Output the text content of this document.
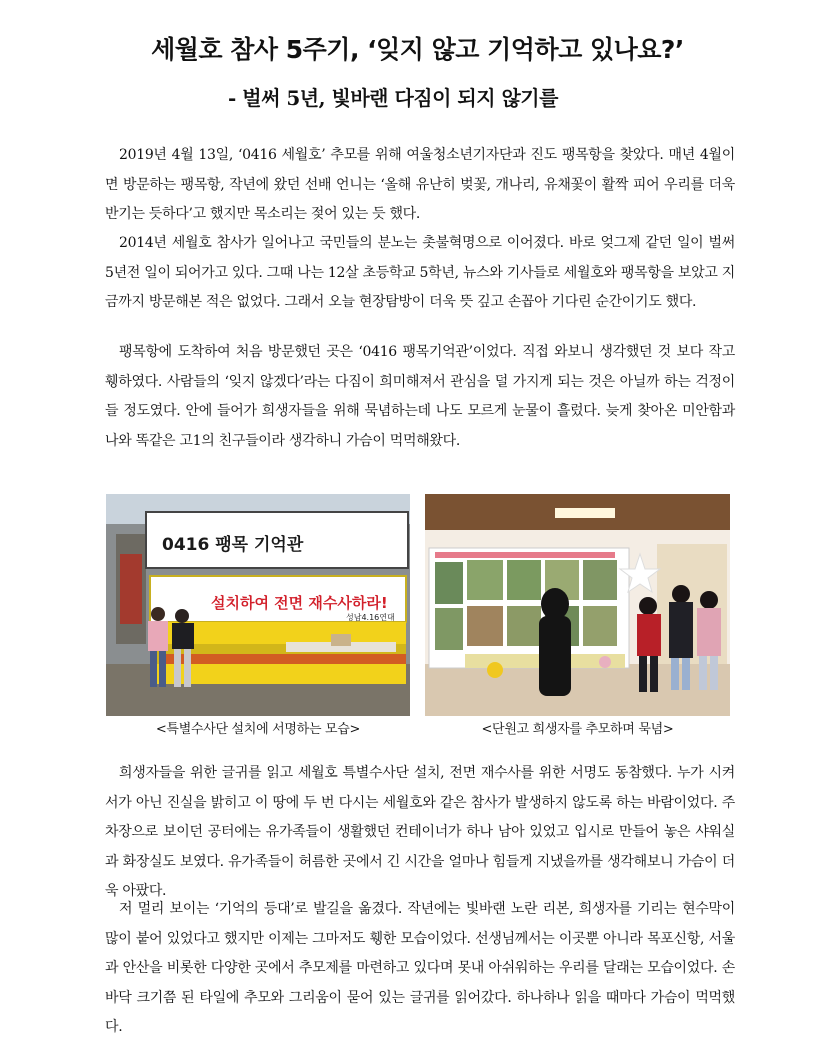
세월호 참사 5주기, ‘잊지 않고 기억하고 있나요?’
- 벌써 5년, 빛바랜 다짐이 되지 않기를

2019년 4월 13일, ‘0416 세월호’ 추모를 위해 여울청소년기자단과 진도 팽목항을 찾았다. 매년 4월이면 방문하는 팽목항, 작년에 왔던 선배 언니는 ‘올해 유난히 벚꽃, 개나리, 유채꽃이 활짝 피어 우리를 더욱 반기는 듯하다’고 했지만 목소리는 젖어 있는 듯 했다.

2014년 세월호 참사가 일어나고 국민들의 분노는 촛불혁명으로 이어졌다. 바로 엊그제 같던 일이 벌써 5년전 일이 되어가고 있다. 그때 나는 12살 초등학교 5학년, 뉴스와 기사들로 세월호와 팽목항을 보았고 지금까지 방문해본 적은 없었다. 그래서 오늘 현장탐방이 더욱 뜻 깊고 손꼽아 기다린 순간이기도 했다.

팽목항에 도착하여 처음 방문했던 곳은 ‘0416 팽목기억관’이었다. 직접 와보니 생각했던 것 보다 작고 휑하였다. 사람들의 ‘잊지 않겠다’라는 다짐이 희미해져서 관심을 덜 가지게 되는 것은 아닐까 하는 걱정이 들 정도였다. 안에 들어가 희생자들을 위해 묵념하는데 나도 모르게 눈물이 흘렀다. 늦게 찾아온 미안함과 나와 똑같은 고1의 친구들이라 생각하니 가슴이 먹먹해왔다.

0416 팽목 기억관
설치하여 전면 재수사하라!
성남4.16연대
<특별수사단 설치에 서명하는 모습>	<단원고 희생자를 추모하며 묵념>

희생자들을 위한 글귀를 읽고 세월호 특별수사단 설치, 전면 재수사를 위한 서명도 동참했다. 누가 시켜서가 아닌 진실을 밝히고 이 땅에 두 번 다시는 세월호와 같은 참사가 발생하지 않도록 하는 바람이었다. 주차장으로 보이던 공터에는 유가족들이 생활했던 컨테이너가 하나 남아 있었고 입시로 만들어 놓은 샤워실과 화장실도 보였다. 유가족들이 허름한 곳에서 긴 시간을 얼마나 힘들게 지냈을까를 생각해보니 가슴이 더욱 아팠다.

저 멀리 보이는 ‘기억의 등대’로 발길을 옮겼다. 작년에는 빛바랜 노란 리본, 희생자를 기리는 현수막이 많이 붙어 있었다고 했지만 이제는 그마저도 휑한 모습이었다. 선생님께서는 이곳뿐 아니라 목포신항, 서울과 안산을 비롯한 다양한 곳에서 추모제를 마련하고 있다며 못내 아쉬워하는 우리를 달래는 모습이었다. 손바닥 크기쯤 된 타일에 추모와 그리움이 묻어 있는 글귀를 읽어갔다. 하나하나 읽을 때마다 가슴이 먹먹했다.
